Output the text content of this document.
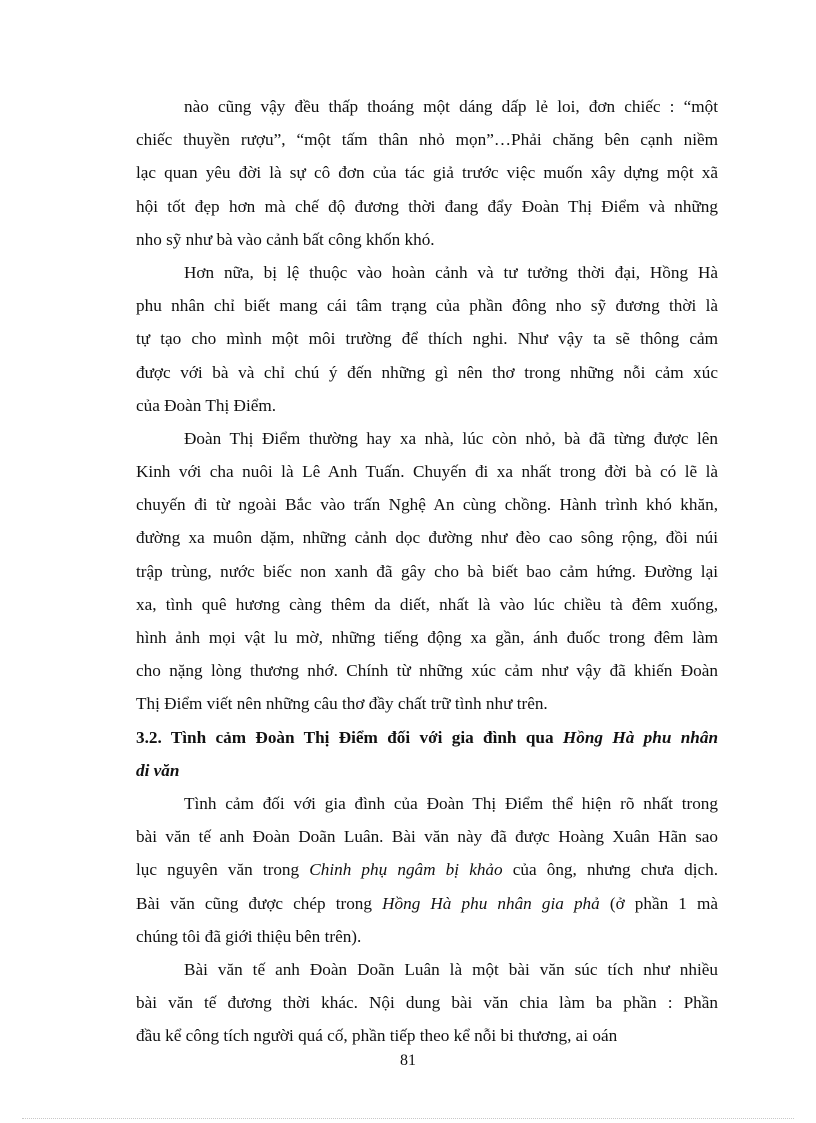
nào cũng vậy đều thấp thoáng một dáng dấp lẻ loi, đơn chiếc : “một
chiếc thuyền rượu”, “một tấm thân nhỏ mọn”…Phải chăng bên cạnh niềm
lạc quan yêu đời là sự cô đơn của tác giả trước việc muốn xây dựng một xã
hội tốt đẹp hơn mà chế độ đương thời đang đẩy Đoàn Thị Điểm và những
nho sỹ như bà vào cảnh bất công khốn khó.
Hơn nữa, bị lệ thuộc vào hoàn cảnh và tư tưởng thời đại, Hồng Hà
phu nhân chỉ biết mang cái tâm trạng của phần đông nho sỹ đương thời là
tự tạo cho mình một môi trường để thích nghi. Như vậy ta sẽ thông cảm
được với bà và chỉ chú ý đến những gì nên thơ trong những nỗi cảm xúc
của Đoàn Thị Điểm.
Đoàn Thị Điểm thường hay xa nhà, lúc còn nhỏ, bà đã từng được lên
Kinh với cha nuôi là Lê Anh Tuấn. Chuyến đi xa nhất trong đời bà có lẽ là
chuyến đi từ ngoài Bắc vào trấn Nghệ An cùng chồng. Hành trình khó khăn,
đường xa muôn dặm, những cảnh dọc đường như đèo cao sông rộng, đồi núi
trập trùng, nước biếc non xanh đã gây cho bà biết bao cảm hứng. Đường lại
xa, tình quê hương càng thêm da diết, nhất là vào lúc chiều tà đêm xuống,
hình ảnh mọi vật lu mờ, những tiếng động xa gần, ánh đuốc trong đêm làm
cho nặng lòng thương nhớ. Chính từ những xúc cảm như vậy đã khiến Đoàn
Thị Điểm viết nên những câu thơ đầy chất trữ tình như trên.
3.2. Tình cảm Đoàn Thị Điểm đối với gia đình qua Hồng Hà phu nhân
di văn
Tình cảm đối với gia đình của Đoàn Thị Điểm thể hiện rõ nhất trong
bài văn tế anh Đoàn Doãn Luân. Bài văn này đã được Hoàng Xuân Hãn sao
lục nguyên văn trong Chinh phụ ngâm bị khảo của ông, nhưng chưa dịch.
Bài văn cũng được chép trong Hồng Hà phu nhân gia phả (ở phần 1 mà
chúng tôi đã giới thiệu bên trên).
Bài văn tế anh Đoàn Doãn Luân là một bài văn súc tích như nhiều
bài văn tế đương thời khác. Nội dung bài văn chia làm ba phần : Phần
đầu kể công tích người quá cố, phần tiếp theo kể nỗi bi thương, ai oán
81
